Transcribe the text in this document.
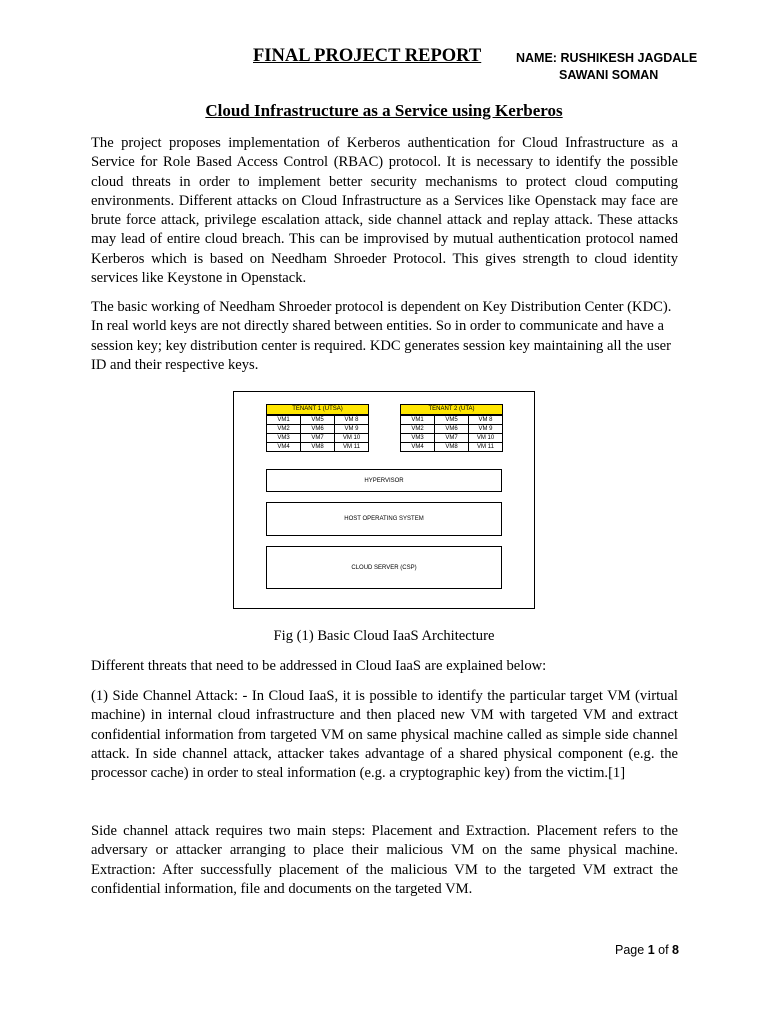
FINAL PROJECT REPORT	NAME: RUSHIKESH JAGDALE
SAWANI SOMAN
Cloud Infrastructure as a Service using Kerberos

The project proposes implementation of Kerberos authentication for Cloud Infrastructure as a Service for Role Based Access Control (RBAC) protocol. It is necessary to identify the possible cloud threats in order to implement better security mechanisms to protect cloud computing environments. Different attacks on Cloud Infrastructure as a Services like Openstack may face are brute force attack, privilege escalation attack, side channel attack and replay attack. These attacks may lead of entire cloud breach. This can be improvised by mutual authentication protocol named Kerberos which is based on Needham Shroeder Protocol. This gives strength to cloud identity services like Keystone in Openstack.

The basic working of Needham Shroeder protocol is dependent on Key Distribution Center (KDC). In real world keys are not directly shared between entities. So in order to communicate and have a session key; key distribution center is required. KDC generates session key maintaining all the user ID and their respective keys.

TENANT 1 (UTSA)
VM1	VM5	VM 8
VM2	VM6	VM 9
VM3	VM7	VM 10
VM4	VM8	VM 11
TENANT 2 (UTA)
VM1	VM5	VM 8
VM2	VM6	VM 9
VM3	VM7	VM 10
VM4	VM8	VM 11
HYPERVISOR
HOST OPERATING SYSTEM
CLOUD SERVER (CSP)
Fig (1) Basic Cloud IaaS Architecture

Different threats that need to be addressed in Cloud IaaS are explained below:

(1) Side Channel Attack: - In Cloud IaaS, it is possible to identify the particular target VM (virtual machine) in internal cloud infrastructure and then placed new VM with targeted VM and extract confidential information from targeted VM on same physical machine called as simple side channel attack. In side channel attack, attacker takes advantage of a shared physical component (e.g. the processor cache) in order to steal information (e.g. a cryptographic key) from the victim.[1]

Side channel attack requires two main steps: Placement and Extraction. Placement refers to the adversary or attacker arranging to place their malicious VM on the same physical machine. Extraction: After successfully placement of the malicious VM to the targeted VM extract the confidential information, file and documents on the targeted VM.

Page 1 of 8
